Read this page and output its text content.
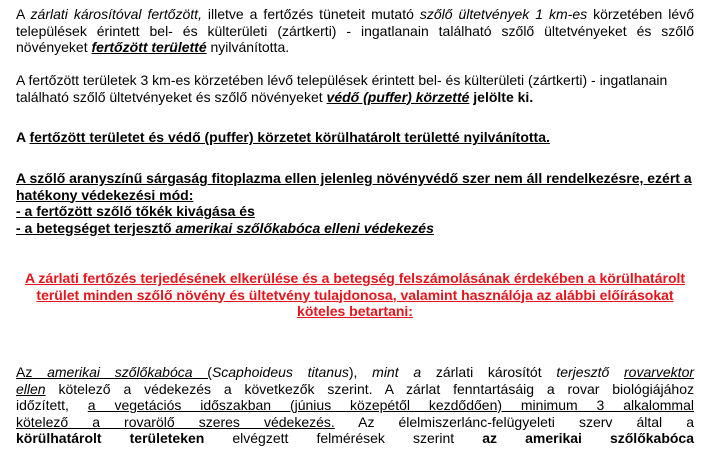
A zárlati károsítóval fertőzött, illetve a fertőzés tüneteit mutató szőlő ültetvények 1 km-es körzetében lévő települések érintett bel- és külterületi (zártkerti) - ingatlanain található szőlő ültetvényeket és szőlő növényeket fertőzött területté nyilvánította.

A fertőzött területek 3 km-es körzetében lévő települések érintett bel- és külterületi (zártkerti) - ingatlanain található szőlő ültetvényeket és szőlő növényeket védő (puffer) körzetté jelölte ki.

A fertőzött területet és védő (puffer) körzetet körülhatárolt területté nyilvánította.

A szőlő aranyszínű sárgaság fitoplazma ellen jelenleg növényvédő szer nem áll rendelkezésre, ezért a hatékony védekezési mód:
- a fertőzött szőlő tőkék kivágása és
- a betegséget terjesztő amerikai szőlőkabóca elleni védekezés

A zárlati fertőzés terjedésének elkerülése és a betegség felszámolásának érdekében a körülhatárolt terület minden szőlő növény és ültetvény tulajdonosa, valamint használója az alábbi előírásokat köteles betartani:

Az amerikai szőlőkabóca (Scaphoideus titanus), mint a zárlati károsítót terjesztő rovarvektor
ellen kötelező a védekezés a következők szerint. A zárlat fenntartásáig a rovar biológiájához
időzített, a vegetációs időszakban (június közepétől kezdődően) minimum 3 alkalommal
kötelező a rovarölő szeres védekezés. Az élelmiszerlánc-felügyeleti szerv által a
körülhatárolt területeken elvégzett felmérések szerint az amerikai szőlőkabóca
